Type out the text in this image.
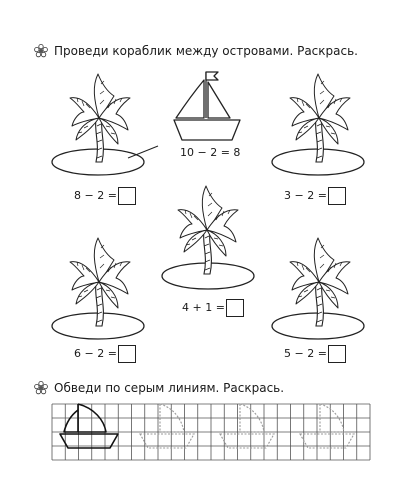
Проведи кораблик между островами. Раскрась.
10 − 2 = 8
8 − 2 =	3 − 2 =
4 + 1 =
6 − 2 =	5 − 2 =
Обведи по серым линиям. Раскрась.
